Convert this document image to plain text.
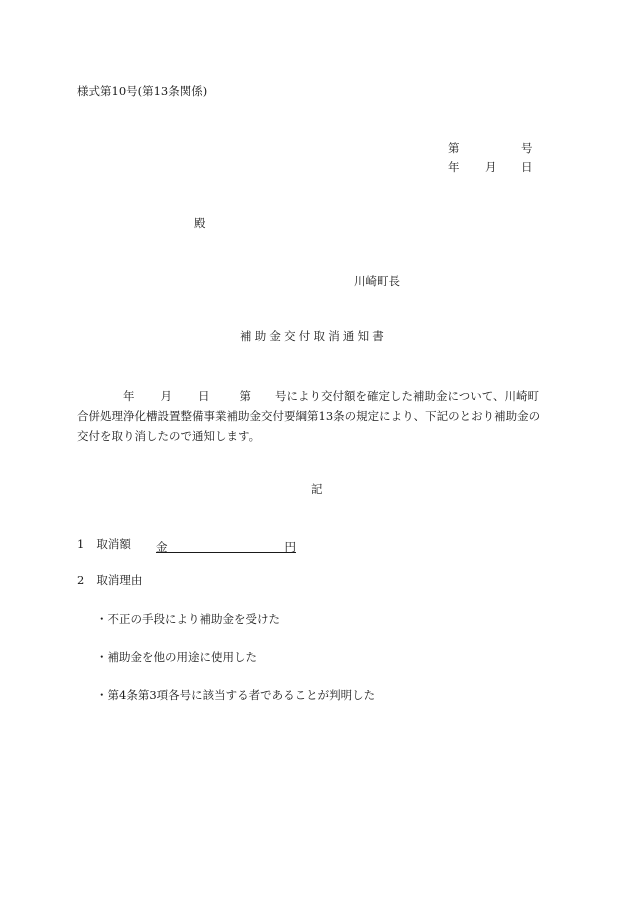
様式第10号(第13条関係)
第	号
年 月 日
殿
川崎町長
補助金交付取消通知書
年 月 日	第 号により交付額を確定した補助金について、川崎町
合併処理浄化槽設置整備事業補助金交付要綱第13条の規定により、下記のとおり補助金の
交付を取り消したので通知します。
記
1 取消額 金	円
2 取消理由
・不正の手段により補助金を受けた
・補助金を他の用途に使用した
・第4条第3項各号に該当する者であることが判明した
